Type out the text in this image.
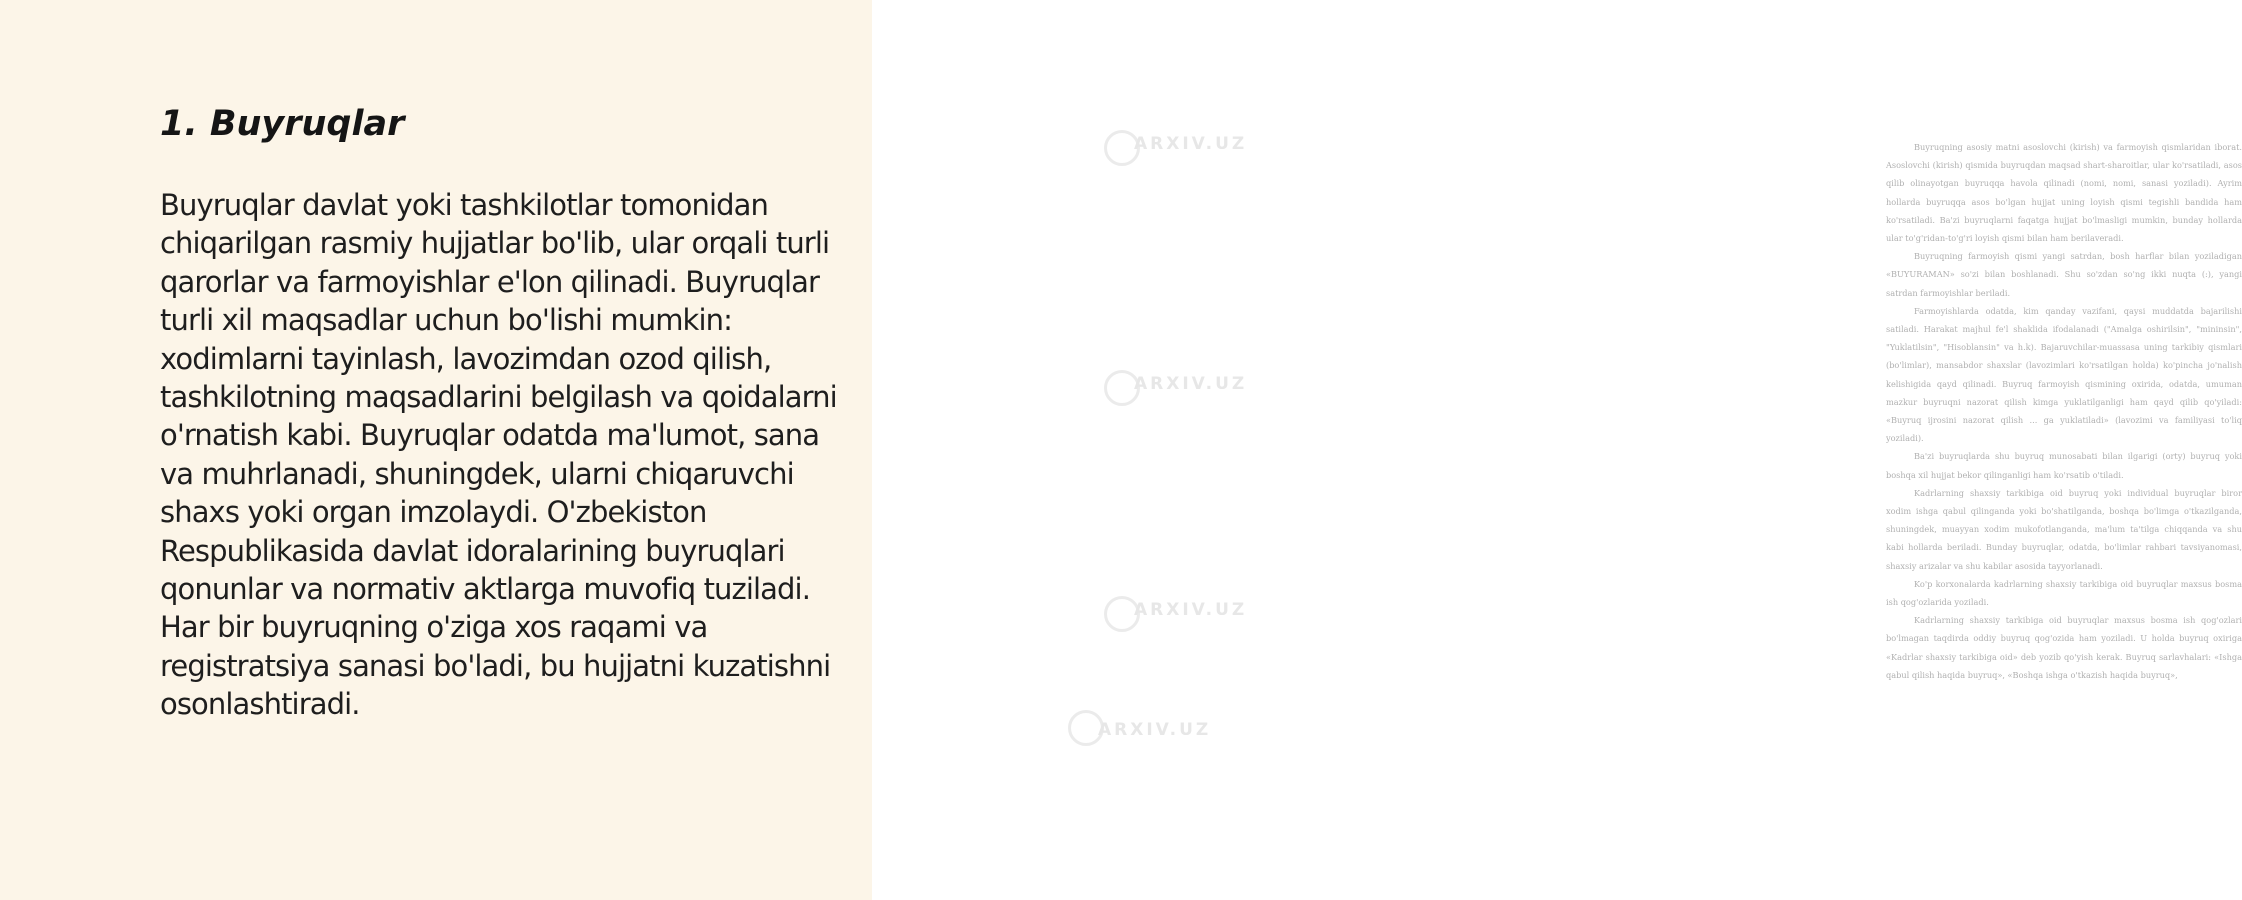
1. Buyruqlar

Buyruqlar davlat yoki tashkilotlar tomonidan chiqarilgan rasmiy hujjatlar bo'lib, ular orqali turli qarorlar va farmoyishlar e'lon qilinadi. Buyruqlar turli xil maqsadlar uchun bo'lishi mumkin: xodimlarni tayinlash, lavozimdan ozod qilish, tashkilotning maqsadlarini belgilash va qoidalarni o'rnatish kabi. Buyruqlar odatda ma'lumot, sana va muhrlanadi, shuningdek, ularni chiqaruvchi shaxs yoki organ imzolaydi. O'zbekiston Respublikasida davlat idoralarining buyruqlari qonunlar va normativ aktlarga muvofiq tuziladi. Har bir buyruqning o'ziga xos raqami va registratsiya sanasi bo'ladi, bu hujjatni kuzatishni osonlashtiradi.

Buyruqning asosiy matni asoslovchi (kirish) va farmoyish qismlaridan iborat. Asoslovchi (kirish) qismida buyruqdan maqsad shart-sharoitlar, ular ko'rsatiladi, asos qilib olinayotgan buyruqqa havola qilinadi (nomi, nomi, sanasi yoziladi). Ayrim hollarda buyruqqa asos bo'lgan hujjat uning loyish qismi tegishli bandida ham ko'rsatiladi. Ba'zi buyruqlarni faqatga hujjat bo'lmasligi mumkin, bunday hollarda ular to'g'ridan-to'g'ri loyish qismi bilan ham berilaveradi.

Buyruqning farmoyish qismi yangi satrdan, bosh harflar bilan yoziladigan «BUYURAMAN» so'zi bilan boshlanadi. Shu so'zdan so'ng ikki nuqta (:), yangi satrdan farmoyishlar beriladi.

Farmoyishlarda odatda, kim qanday vazifani, qaysi muddatda bajarilishi satiladi. Harakat majhul fe'l shaklida ifodalanadi ("Amalga oshirilsin", "mininsin", "Yuklatilsin", "Hisoblansin" va h.k). Bajaruvchilar-muassasa uning tarkibiy qismlari (bo'limlar), mansabdor shaxslar (lavozimlari ko'rsatilgan holda) ko'pincha jo'nalish kelishigida qayd qilinadi. Buyruq farmoyish qismining oxirida, odatda, umuman mazkur buyruqni nazorat qilish kimga yuklatilganligi ham qayd qilib qo'yiladi: «Buyruq ijrosini nazorat qilish ... ga yuklatiladi» (lavozimi va familiyasi to'liq yoziladi).

Ba'zi buyruqlarda shu buyruq munosabati bilan ilgarigi (orty) buyruq yoki boshqa xil hujjat bekor qilinganligi ham ko'rsatib o'tiladi.

Kadrlarning shaxsiy tarkibiga oid buyruq yoki individual buyruqlar biror xodim ishga qabul qilinganda yoki bo'shatilganda, boshqa bo'limga o'tkazilganda, shuningdek, muayyan xodim mukofotlanganda, ma'lum ta'tilga chiqqanda va shu kabi hollarda beriladi. Bunday buyruqlar, odatda, bo'limlar rahbari tavsiyanomasi, shaxsiy arizalar va shu kabilar asosida tayyorlanadi.

Ko'p korxonalarda kadrlarning shaxsiy tarkibiga oid buyruqlar maxsus bosma ish qog'ozlarida yoziladi.

Kadrlarning shaxsiy tarkibiga oid buyruqlar maxsus bosma ish qog'ozlari bo'lmagan taqdirda oddiy buyruq qog'ozida ham yoziladi. U holda buyruq oxiriga «Kadrlar shaxsiy tarkibiga oid» deb yozib qo'yish kerak. Buyruq sarlavhalari: «Ishga qabul qilish haqida buyruq», «Boshqa ishga o'tkazish haqida buyruq»,

ARXIV.UZ
ARXIV.UZ
ARXIV.UZ
ARXIV.UZ
